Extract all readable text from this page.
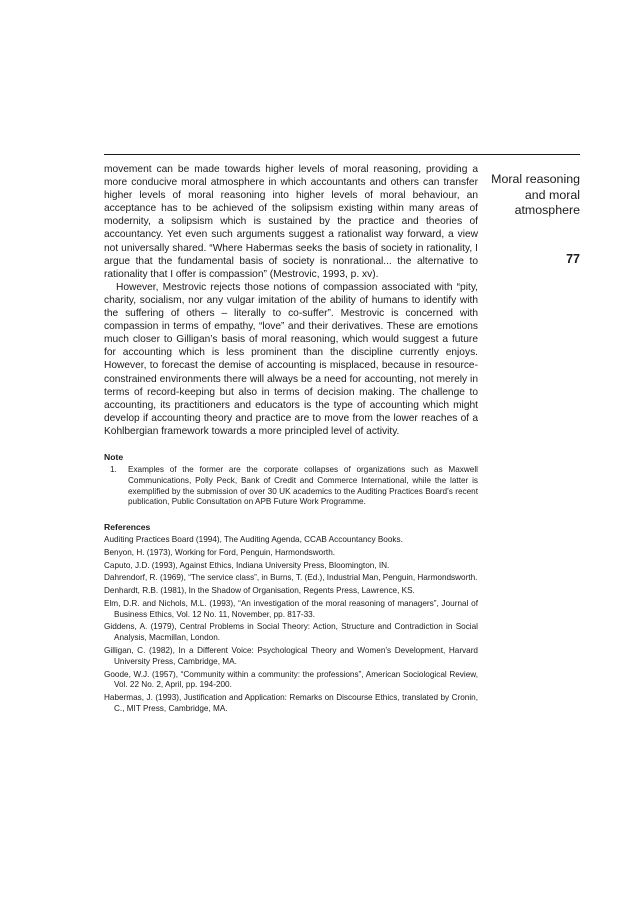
Moral reasoning
and moral
atmosphere
77

movement can be made towards higher levels of moral reasoning, providing a more conducive moral atmosphere in which accountants and others can transfer higher levels of moral reasoning into higher levels of moral behaviour, an acceptance has to be achieved of the solipsism existing within many areas of modernity, a solipsism which is sustained by the practice and theories of accountancy. Yet even such arguments suggest a rationalist way forward, a view not universally shared. “Where Habermas seeks the basis of society in rationality, I argue that the fundamental basis of society is nonrational... the alternative to rationality that I offer is compassion” (Mestrovic, 1993, p. xv).

However, Mestrovic rejects those notions of compassion associated with “pity, charity, socialism, nor any vulgar imitation of the ability of humans to identify with the suffering of others – literally to co-suffer”. Mestrovic is concerned with compassion in terms of empathy, “love” and their derivatives. These are emotions much closer to Gilligan’s basis of moral reasoning, which would suggest a future for accounting which is less prominent than the discipline currently enjoys. However, to forecast the demise of accounting is misplaced, because in resource-constrained environments there will always be a need for accounting, not merely in terms of record-keeping but also in terms of decision making. The challenge to accounting, its practitioners and educators is the type of accounting which might develop if accounting theory and practice are to move from the lower reaches of a Kohlbergian framework towards a more principled level of activity.

Note
1.	Examples of the former are the corporate collapses of organizations such as Maxwell Communications, Polly Peck, Bank of Credit and Commerce International, while the latter is exemplified by the submission of over 30 UK academics to the Auditing Practices Board’s recent publication, Public Consultation on APB Future Work Programme.
References
Auditing Practices Board (1994), The Auditing Agenda, CCAB Accountancy Books.
Benyon, H. (1973), Working for Ford, Penguin, Harmondsworth.
Caputo, J.D. (1993), Against Ethics, Indiana University Press, Bloomington, IN.
Dahrendorf, R. (1969), “The service class”, in Burns, T. (Ed.), Industrial Man, Penguin, Harmondsworth.
Denhardt, R.B. (1981), In the Shadow of Organisation, Regents Press, Lawrence, KS.
Elm, D.R. and Nichols, M.L. (1993), “An investigation of the moral reasoning of managers”, Journal of Business Ethics, Vol. 12 No. 11, November, pp. 817-33.
Giddens, A. (1979), Central Problems in Social Theory: Action, Structure and Contradiction in Social Analysis, Macmillan, London.
Gilligan, C. (1982), In a Different Voice: Psychological Theory and Women’s Development, Harvard University Press, Cambridge, MA.
Goode, W.J. (1957), “Community within a community: the professions”, American Sociological Review, Vol. 22 No. 2, April, pp. 194-200.
Habermas, J. (1993), Justification and Application: Remarks on Discourse Ethics, translated by Cronin, C., MIT Press, Cambridge, MA.
